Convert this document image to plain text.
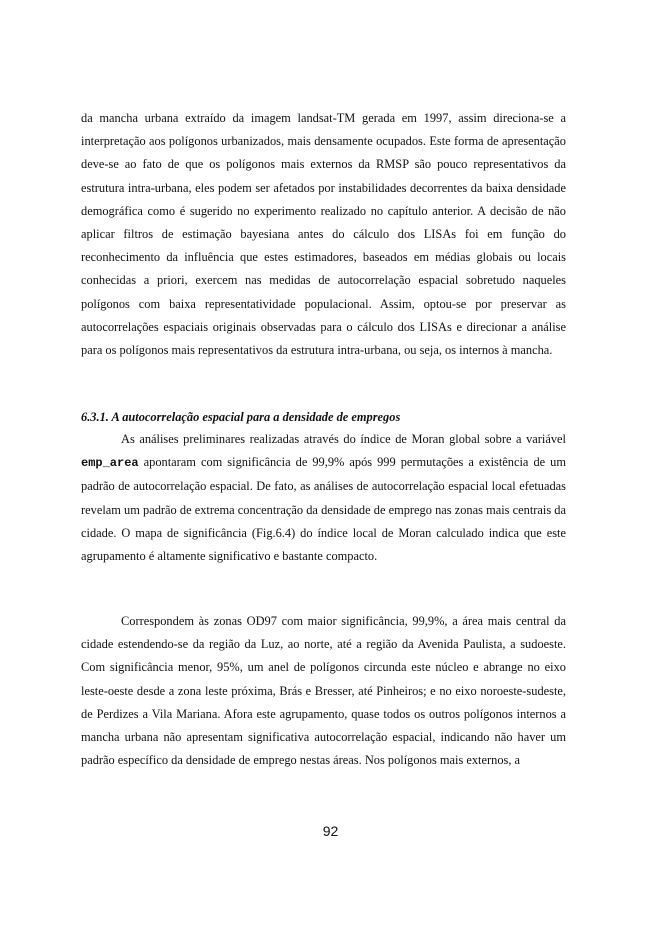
da mancha urbana extraído da imagem landsat-TM gerada em 1997, assim direciona-se a interpretação aos polígonos urbanizados, mais densamente ocupados. Este forma de apresentação deve-se ao fato de que os polígonos mais externos da RMSP são pouco representativos da estrutura intra-urbana, eles podem ser afetados por instabilidades decorrentes da baixa densidade demográfica como é sugerido no experimento realizado no capítulo anterior. A decisão de não aplicar filtros de estimação bayesiana antes do cálculo dos LISAs foi em função do reconhecimento da influência que estes estimadores, baseados em médias globais ou locais conhecidas a priori, exercem nas medidas de autocorrelação espacial sobretudo naqueles polígonos com baixa representatividade populacional. Assim, optou-se por preservar as autocorrelações espaciais originais observadas para o cálculo dos LISAs e direcionar a análise para os polígonos mais representativos da estrutura intra-urbana, ou seja, os internos à mancha.

6.3.1. A autocorrelação espacial para a densidade de empregos

As análises preliminares realizadas através do índice de Moran global sobre a variável emp_area apontaram com significância de 99,9% após 999 permutações a existência de um padrão de autocorrelação espacial. De fato, as análises de autocorrelação espacial local efetuadas revelam um padrão de extrema concentração da densidade de emprego nas zonas mais centrais da cidade. O mapa de significância (Fig.6.4) do índice local de Moran calculado indica que este agrupamento é altamente significativo e bastante compacto.

Correspondem às zonas OD97 com maior significância, 99,9%, a área mais central da cidade estendendo-se da região da Luz, ao norte, até a região da Avenida Paulista, a sudoeste. Com significância menor, 95%, um anel de polígonos circunda este núcleo e abrange no eixo leste-oeste desde a zona leste próxima, Brás e Bresser, até Pinheiros; e no eixo noroeste-sudeste, de Perdizes a Vila Mariana. Afora este agrupamento, quase todos os outros polígonos internos a mancha urbana não apresentam significativa autocorrelação espacial, indicando não haver um padrão específico da densidade de emprego nestas áreas. Nos polígonos mais externos, a

92
